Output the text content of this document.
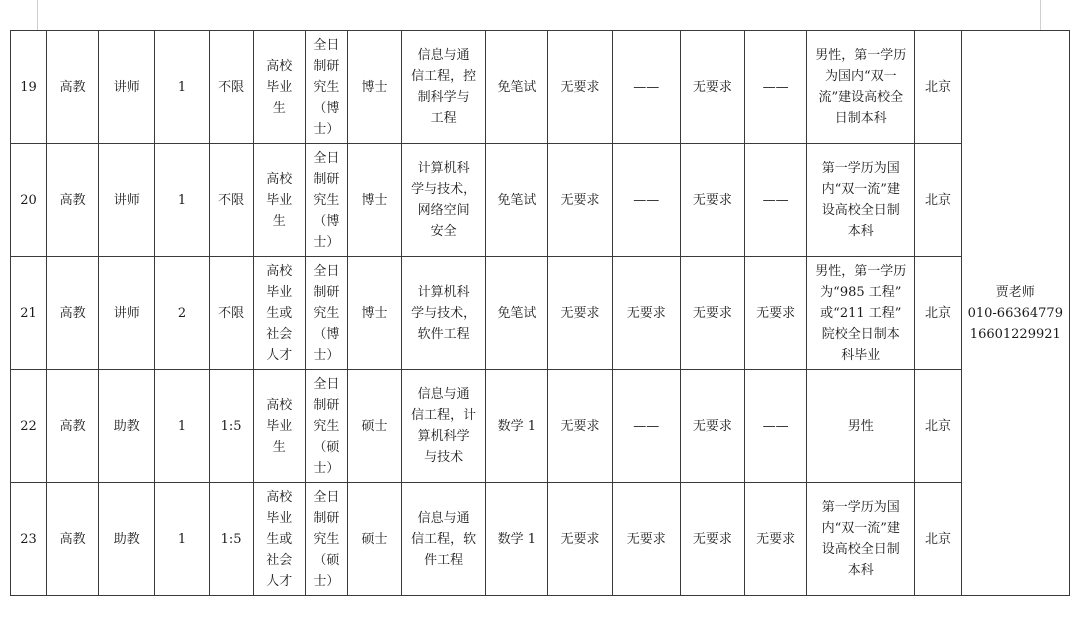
19	高教	讲师	1	不限	高校
毕业
生	全日
制研
究生
（博
士）	博士	信息与通
信工程，控
制科学与
工程	免笔试	无要求	——	无要求	——	男性，第一学历
为国内“双一
流”建设高校全
日制本科	北京	贾老师
010-66364779
16601229921
20	高教	讲师	1	不限	高校
毕业
生	全日
制研
究生
（博
士）	博士	计算机科
学与技术，
网络空间
安全	免笔试	无要求	——	无要求	——	第一学历为国
内“双一流”建
设高校全日制
本科	北京	
21	高教	讲师	2	不限	高校
毕业
生或
社会
人才	全日
制研
究生
（博
士）	博士	计算机科
学与技术，
软件工程	免笔试	无要求	无要求	无要求	无要求	男性，第一学历
为“985 工程”
或“211 工程”
院校全日制本
科毕业	北京	
22	高教	助教	1	1:5	高校
毕业
生	全日
制研
究生
（硕
士）	硕士	信息与通
信工程，计
算机科学
与技术	数学 1	无要求	——	无要求	——	男性	北京	
23	高教	助教	1	1:5	高校
毕业
生或
社会
人才	全日
制研
究生
（硕
士）	硕士	信息与通
信工程，软
件工程	数学 1	无要求	无要求	无要求	无要求	第一学历为国
内“双一流”建
设高校全日制
本科	北京	
